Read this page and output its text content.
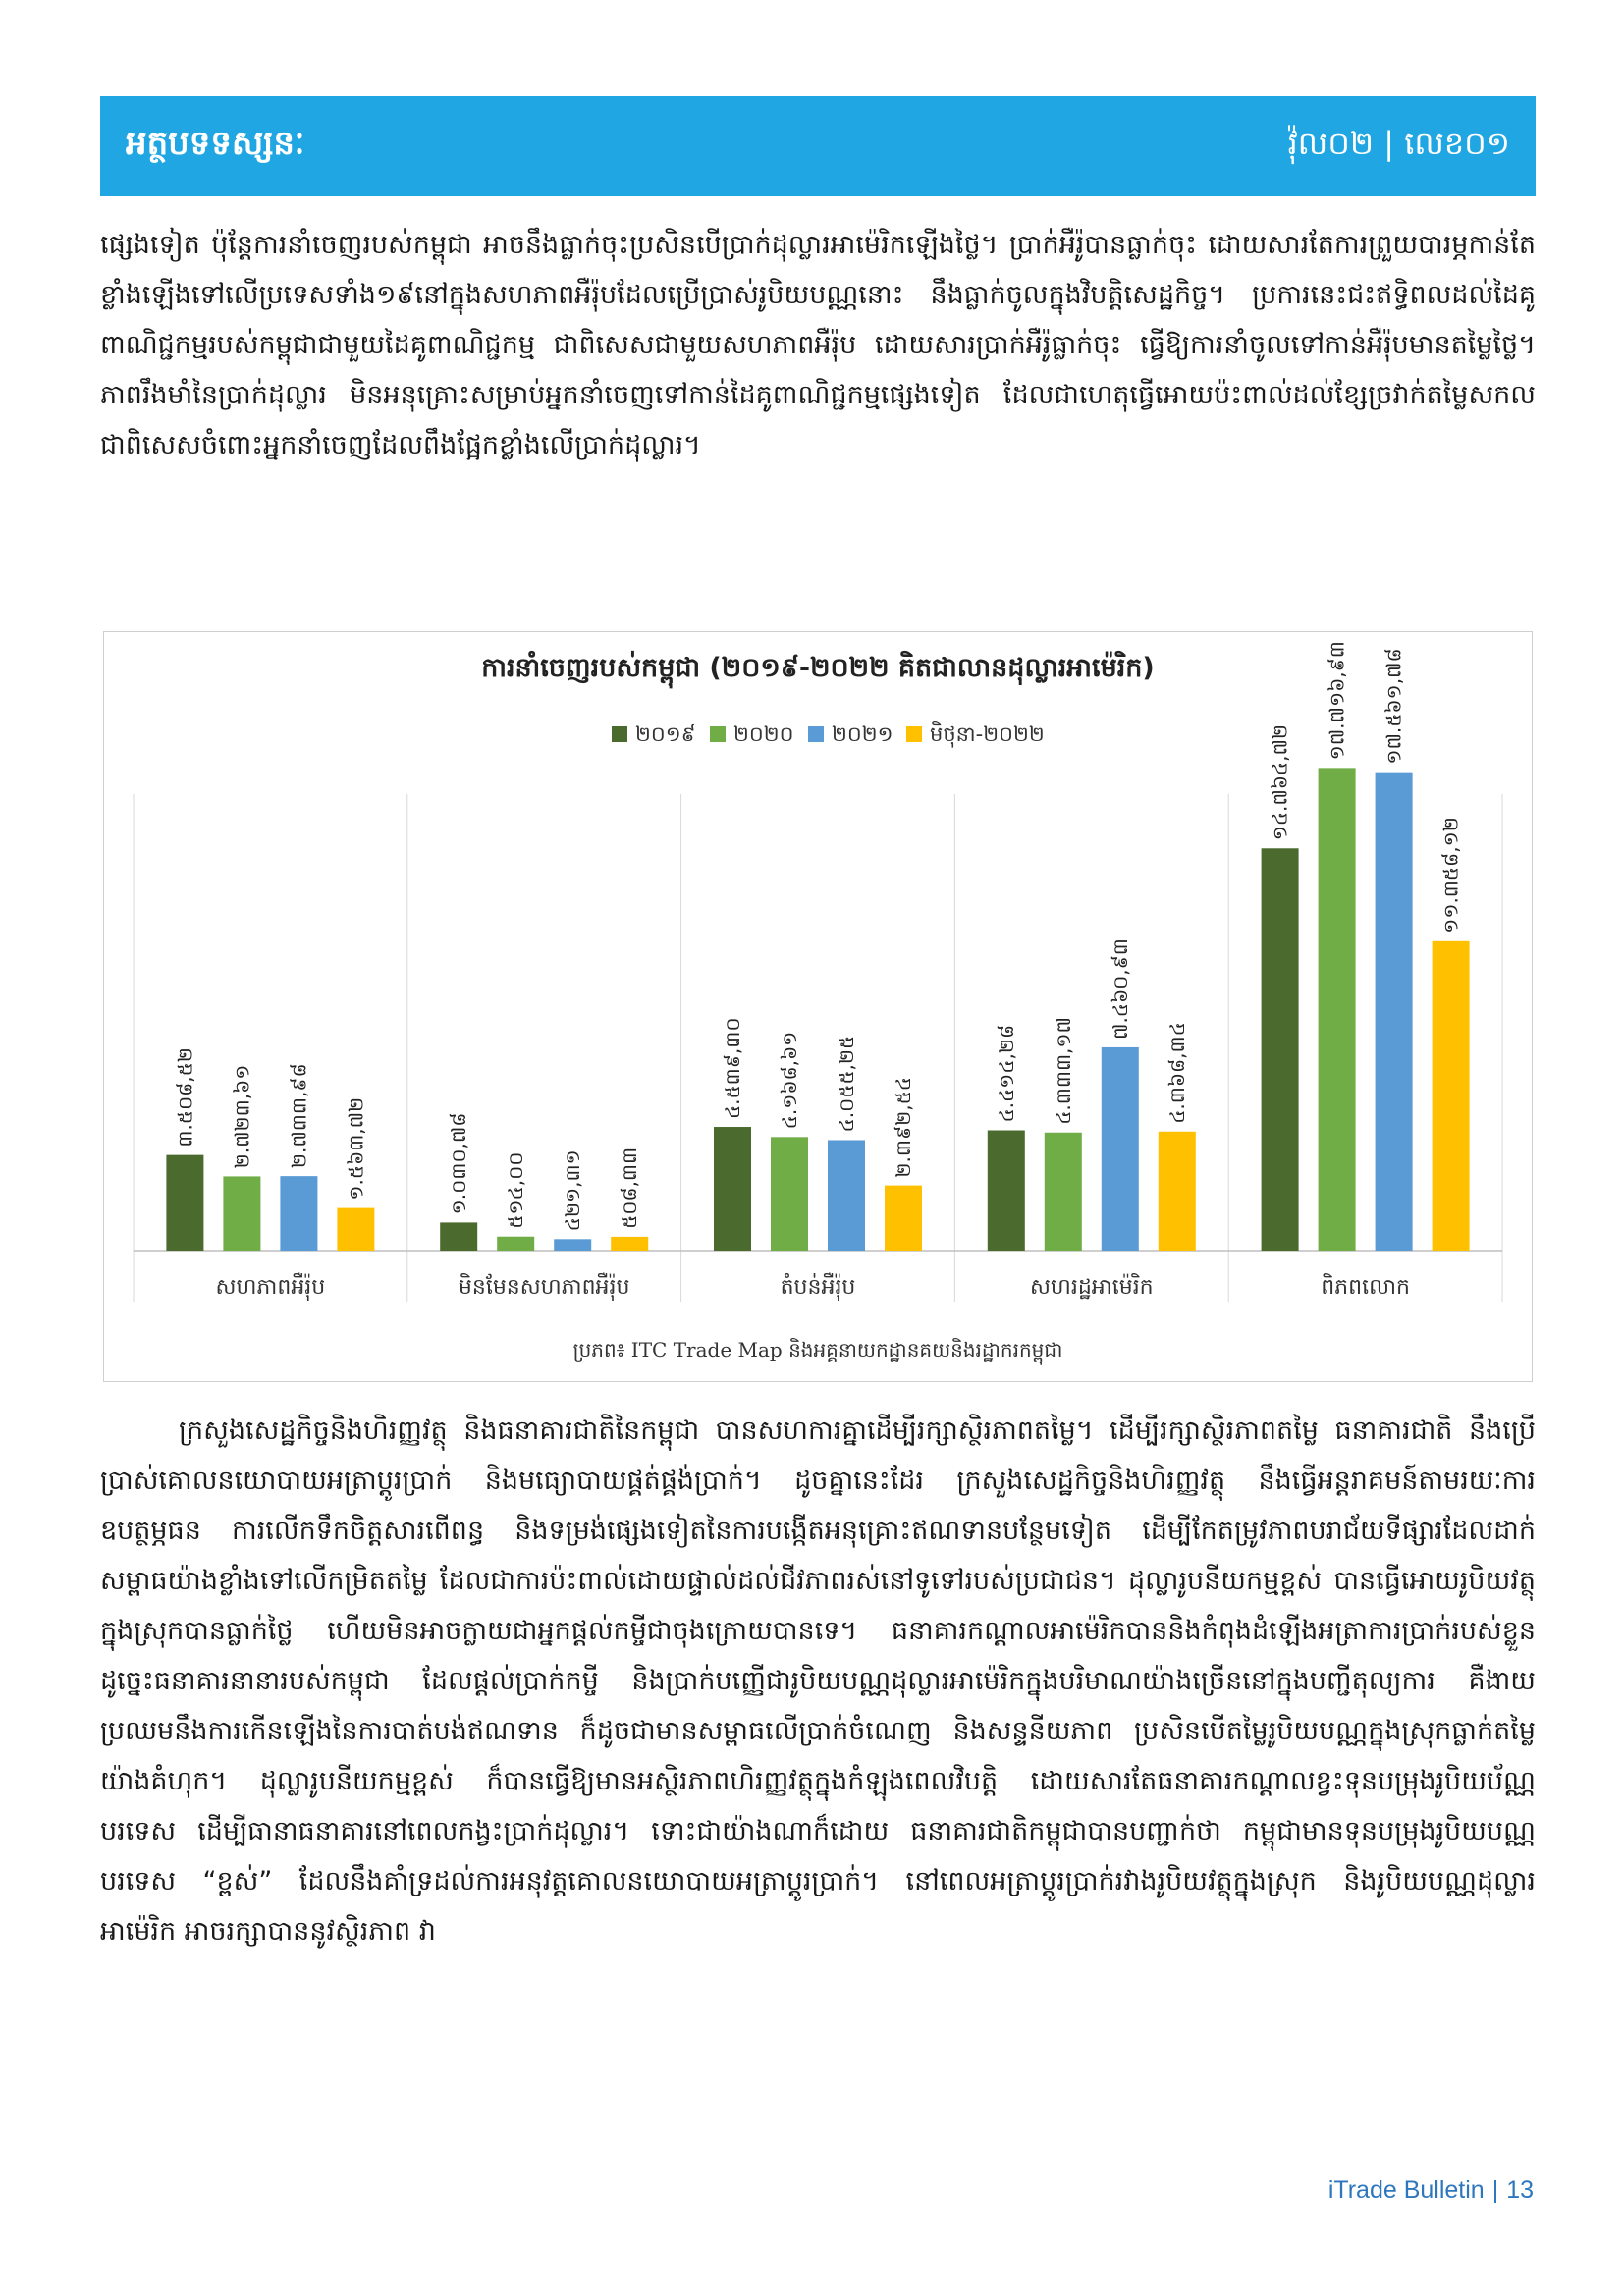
អត្ថបទទស្សនៈ	វ៉ុល០២ | លេខ០១

ផ្សេងទៀត ប៉ុន្តែការនាំចេញរបស់កម្ពុជា អាចនឹងធ្លាក់ចុះប្រសិនបើប្រាក់ដុល្លារអាម៉េរិកឡើងថ្លៃ។ ប្រាក់អឺរ៉ូបានធ្លាក់ចុះ ដោយសារតែការព្រួយបារម្ភកាន់តែខ្លាំងឡើងទៅលើប្រទេសទាំង១៩នៅក្នុងសហភាពអឺរ៉ុបដែលប្រើប្រាស់រូបិយបណ្ណនោះ នឹងធ្លាក់ចូលក្នុងវិបត្តិសេដ្ឋកិច្ច។ ប្រការនេះជះឥទ្ធិពលដល់ដៃគូពាណិជ្ជកម្មរបស់កម្ពុជាជាមួយដៃគូពាណិជ្ជកម្ម ជាពិសេសជាមួយសហភាពអឺរ៉ុប ដោយសារប្រាក់អឺរ៉ូធ្លាក់ចុះ ធ្វើឱ្យការនាំចូលទៅកាន់អឺរ៉ុបមានតម្លៃថ្លៃ។ ភាពរឹងមាំនៃប្រាក់ដុល្លារ មិនអនុគ្រោះសម្រាប់អ្នកនាំចេញទៅកាន់ដៃគូពាណិជ្ជកម្មផ្សេងទៀត ដែលជាហេតុធ្វើអោយប៉ះពាល់ដល់ខ្សែច្រវាក់តម្លៃសកល ជាពិសេសចំពោះអ្នកនាំចេញដែលពឹងផ្អែកខ្លាំងលើប្រាក់ដុល្លារ។

ការនាំចេញរបស់កម្ពុជា (២០១៩-២០២២ គិតជាលានដុល្លារអាម៉េរិក)
២០១៩ ២០២០ ២០២១ មិថុនា-២០២២
៣.៥០៨,៥២ ២.៧២៣,៦១ ២.៧៣៣,៩៨ ១.៥៦៣,៧២
សហភាពអឺរ៉ុប
១.០៣០,៧៨ ៥១៤,០០ ៤២១,៣១ ៥០៨,៣៣
មិនមែនសហភាពអឺរ៉ុប
៤.៥៣៩,៣០ ៤.១៦៨,៦១ ៤.០៥៥,២៥ ២.៣៩២,៥៤
តំបន់អឺរ៉ុប
៤.៤១៤,២៨ ៤.៣៣៣,១៧
៧.៤៦០,៩៣
៤.៣៦៨,៣៤
សហរដ្ឋអាម៉េរិក
១៤.៧៦៤,៧២
១៧.៧១៦,៩៣ ១៧.៥៦១,៧៨
១១.៣៥៨,១២
ពិភពលោក
ប្រភព៖ ITC Trade Map និងអគ្គនាយកដ្ឋានគយនិងរដ្ឋាករកម្ពុជា

ក្រសួងសេដ្ឋកិច្ចនិងហិរញ្ញវត្ថុ និងធនាគារជាតិនៃកម្ពុជា បានសហការគ្នាដើម្បីរក្សាស្ថិរភាពតម្លៃ។ ដើម្បីរក្សាស្ថិរភាពតម្លៃ ធនាគារជាតិ នឹងប្រើប្រាស់គោលនយោបាយអត្រាប្តូរប្រាក់ និងមធ្យោបាយផ្គត់ផ្គង់ប្រាក់។ ដូចគ្នានេះដែរ ក្រសួងសេដ្ឋកិច្ចនិងហិរញ្ញវត្ថុ នឹងធ្វើអន្តរាគមន៍តាមរយៈការឧបត្ថម្ភធន ការលើកទឹកចិត្តសារពើពន្ធ និងទម្រង់ផ្សេងទៀតនៃការបង្កើតអនុគ្រោះឥណទានបន្ថែមទៀត ដើម្បីកែតម្រូវភាពបរាជ័យទីផ្សារដែលដាក់សម្ពាធយ៉ាងខ្លាំងទៅលើកម្រិតតម្លៃ ដែលជាការប៉ះពាល់ដោយផ្ទាល់ដល់ជីវភាពរស់នៅទូទៅរបស់ប្រជាជន។ ដុល្លារូបនីយកម្មខ្ពស់ បានធ្វើអោយរូបិយវត្ថុក្នុងស្រុកបានធ្លាក់ថ្លៃ ហើយមិនអាចក្លាយជាអ្នកផ្តល់កម្ចីជាចុងក្រោយបានទេ។ ធនាគារកណ្តាលអាម៉េរិកបាននិងកំពុងដំឡើងអត្រាការប្រាក់របស់ខ្លួន ដូច្នេះធនាគារនានារបស់កម្ពុជា ដែលផ្តល់ប្រាក់កម្ចី និងប្រាក់បញ្ញើជារូបិយបណ្ណដុល្លារអាម៉េរិកក្នុងបរិមាណយ៉ាងច្រើននៅក្នុងបញ្ជីតុល្យការ គឺងាយប្រឈមនឹងការកើនឡើងនៃការបាត់បង់ឥណទាន ក៏ដូចជាមានសម្ពាធលើប្រាក់ចំណេញ និងសន្ទនីយភាព ប្រសិនបើតម្លៃរូបិយបណ្ណក្នុងស្រុកធ្លាក់តម្លៃ យ៉ាងគំហុក។ ដុល្លារូបនីយកម្មខ្ពស់ ក៏បានធ្វើឱ្យមានអស្ថិរភាពហិរញ្ញវត្ថុក្នុងកំឡុងពេលវិបត្តិ ដោយសារតែធនាគារកណ្តាលខ្វះទុនបម្រុងរូបិយប័ណ្ណបរទេស ដើម្បីធានាធនាគារនៅពេលកង្វះប្រាក់ដុល្លារ។ ទោះជាយ៉ាងណាក៏ដោយ ធនាគារជាតិកម្ពុជាបានបញ្ជាក់ថា កម្ពុជាមានទុនបម្រុងរូបិយបណ្ណបរទេស “ខ្ពស់” ដែលនឹងគាំទ្រដល់ការអនុវត្តគោលនយោបាយអត្រាប្តូរប្រាក់។ នៅពេលអត្រាប្តូរប្រាក់រវាងរូបិយវត្ថុក្នុងស្រុក និងរូបិយបណ្ណដុល្លារអាម៉េរិក អាចរក្សាបាននូវស្ថិរភាព វា

iTrade Bulletin | 13
